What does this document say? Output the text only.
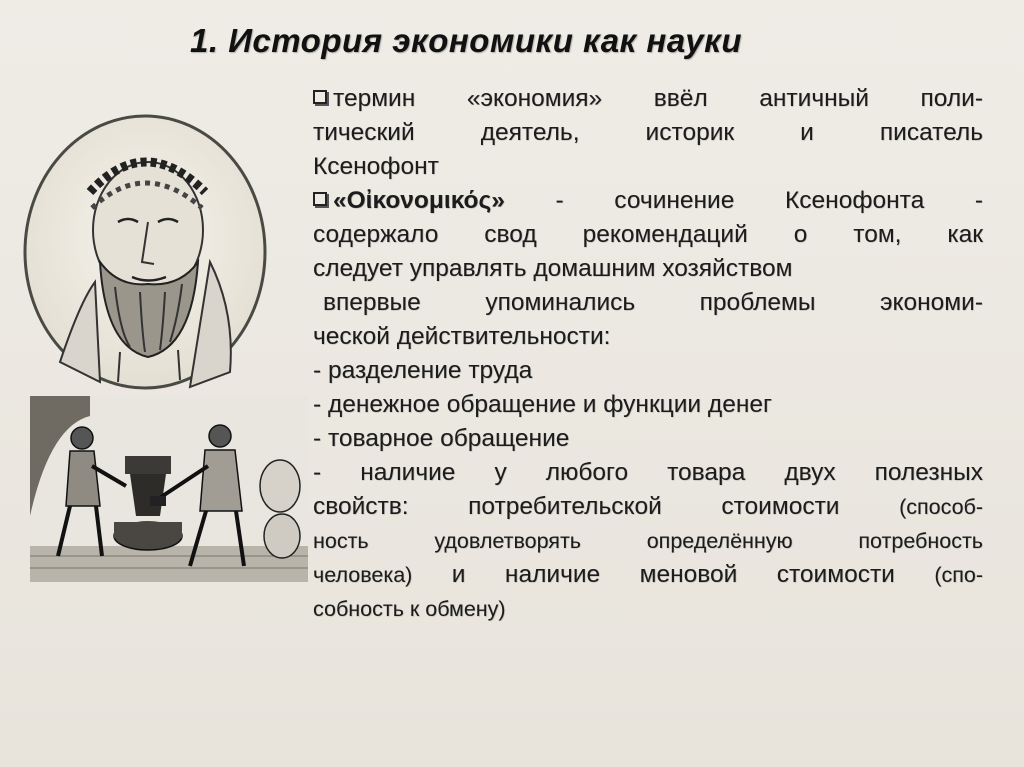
1. История экономики как науки
термин «экономия» ввёл античный поли-
тический деятель, историк и писатель
Ксенофонт
«Οἰκονομικός» - сочинение Ксенофонта -
содержало свод рекомендаций о том, как
следует управлять домашним хозяйством
впервые упоминались проблемы экономи-
ческой действительности:
- разделение труда
- денежное обращение и функции денег
- товарное обращение
- наличие у любого товара двух полезных
свойств: потребительской стоимости (способ-
ность удовлетворять определённую потребность
человека) и наличие меновой стоимости (спо-
собность к обмену)
